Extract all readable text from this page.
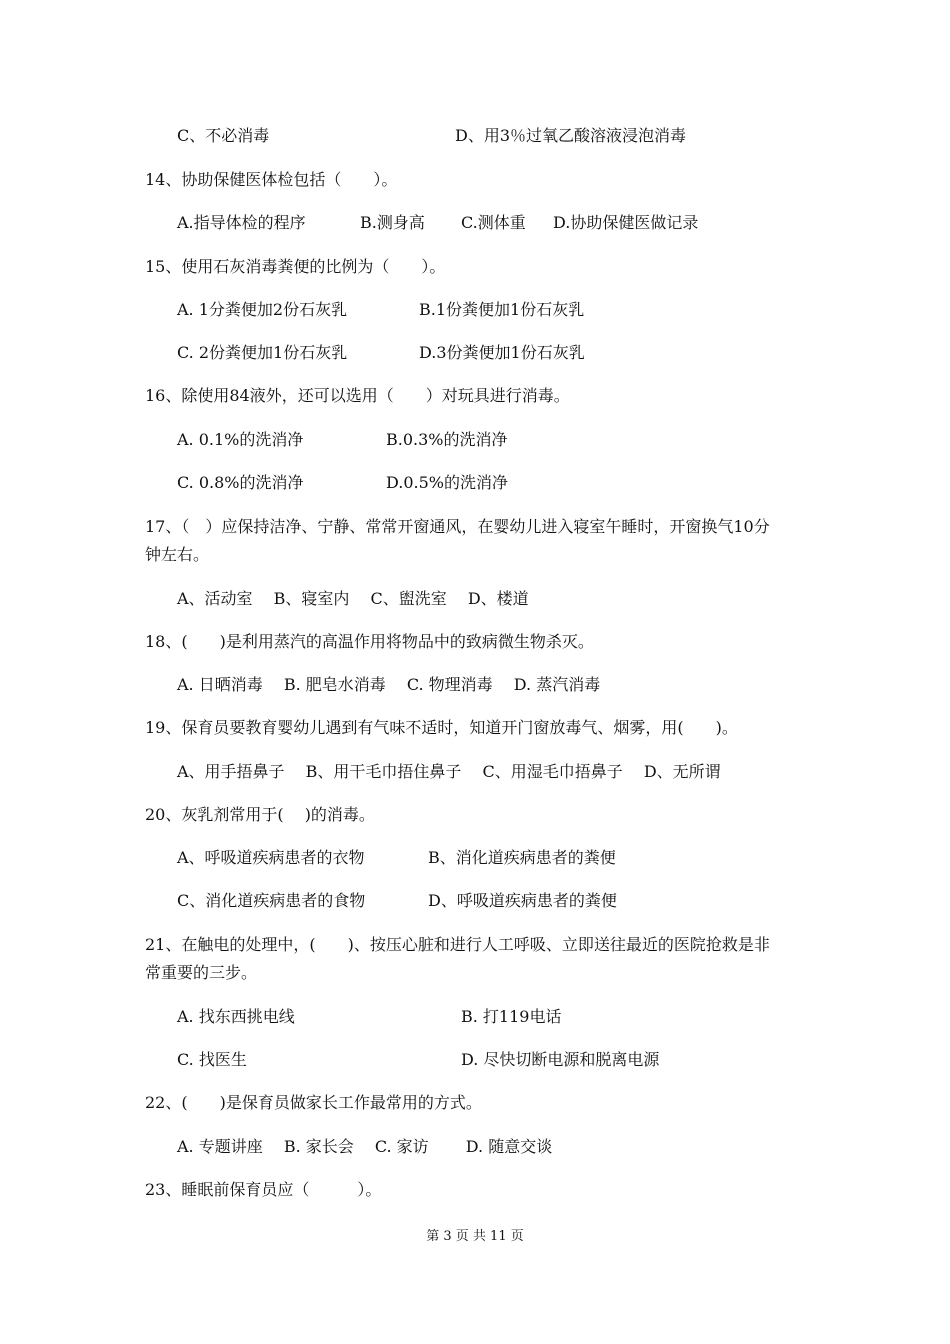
C、不必消毒	D、用3％过氧乙酸溶液浸泡消毒
14、协助保健医体检包括（　　）。
A.指导体检的程序	B.测身高 C.测体重 D.协助保健医做记录
15、使用石灰消毒粪便的比例为（　　）。
A. 1分粪便加2份石灰乳	B.1份粪便加1份石灰乳
C. 2份粪便加1份石灰乳	D.3份粪便加1份石灰乳
16、除使用84液外，还可以选用（　　）对玩具进行消毒。
A. 0.1%的洗消净	B.0.3%的洗消净
C. 0.8%的洗消净	D.0.5%的洗消净
17、（　）应保持洁净、宁静、常常开窗通风，在婴幼儿进入寝室午睡时，开窗换气10分
钟左右。
A、活动室　 B、寝室内　 C、盥洗室　 D、楼道
18、(　　)是利用蒸汽的高温作用将物品中的致病微生物杀灭。
A. 日晒消毒　 B. 肥皂水消毒　 C. 物理消毒　 D. 蒸汽消毒
19、保育员要教育婴幼儿遇到有气味不适时，知道开门窗放毒气、烟雾，用(　　)。
A、用手捂鼻子　 B、用干毛巾捂住鼻子　 C、用湿毛巾捂鼻子　 D、无所谓
20、灰乳剂常用于(　 )的消毒。
A、呼吸道疾病患者的衣物	B、消化道疾病患者的粪便
C、消化道疾病患者的食物	D、呼吸道疾病患者的粪便
21、在触电的处理中，(　　)、按压心脏和进行人工呼吸、立即送往最近的医院抢救是非
常重要的三步。
A. 找东西挑电线	B. 打119电话
C. 找医生	D. 尽快切断电源和脱离电源
22、(　　)是保育员做家长工作最常用的方式。
A. 专题讲座　 B. 家长会　 C. 家访　　 D. 随意交谈
23、睡眠前保育员应（　　　）。
第 3 页 共 11 页
